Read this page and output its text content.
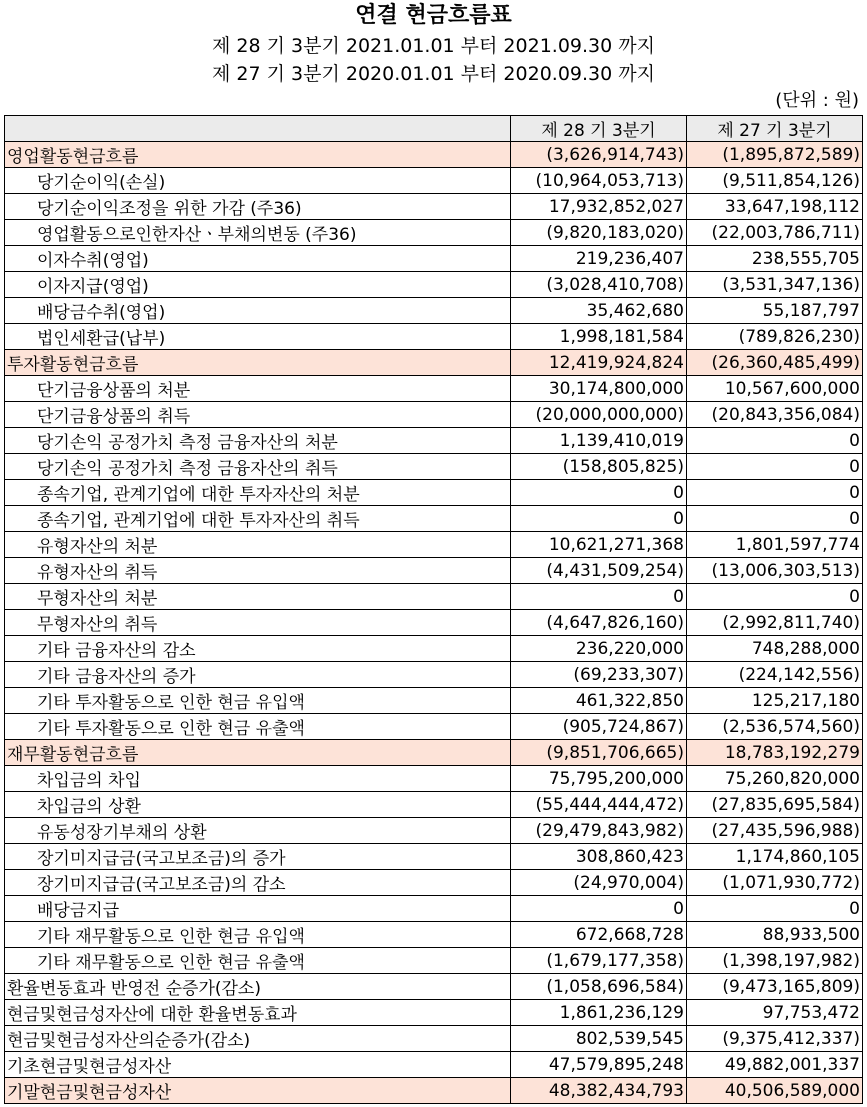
연결 현금흐름표
제 28 기 3분기 2021.01.01 부터 2021.09.30 까지
제 27 기 3분기 2020.01.01 부터 2020.09.30 까지
(단위 : 원)
	제 28 기 3분기	제 27 기 3분기
영업활동현금흐름	(3,626,914,743)	(1,895,872,589)
당기순이익(손실)	(10,964,053,713)	(9,511,854,126)
당기순이익조정을 위한 가감 (주36)	17,932,852,027	33,647,198,112
영업활동으로인한자산ㆍ부채의변동 (주36)	(9,820,183,020)	(22,003,786,711)
이자수취(영업)	219,236,407	238,555,705
이자지급(영업)	(3,028,410,708)	(3,531,347,136)
배당금수취(영업)	35,462,680	55,187,797
법인세환급(납부)	1,998,181,584	(789,826,230)
투자활동현금흐름	12,419,924,824	(26,360,485,499)
단기금융상품의 처분	30,174,800,000	10,567,600,000
단기금융상품의 취득	(20,000,000,000)	(20,843,356,084)
당기손익 공정가치 측정 금융자산의 처분	1,139,410,019	0
당기손익 공정가치 측정 금융자산의 취득	(158,805,825)	0
종속기업, 관계기업에 대한 투자자산의 처분	0	0
종속기업, 관계기업에 대한 투자자산의 취득	0	0
유형자산의 처분	10,621,271,368	1,801,597,774
유형자산의 취득	(4,431,509,254)	(13,006,303,513)
무형자산의 처분	0	0
무형자산의 취득	(4,647,826,160)	(2,992,811,740)
기타 금융자산의 감소	236,220,000	748,288,000
기타 금융자산의 증가	(69,233,307)	(224,142,556)
기타 투자활동으로 인한 현금 유입액	461,322,850	125,217,180
기타 투자활동으로 인한 현금 유출액	(905,724,867)	(2,536,574,560)
재무활동현금흐름	(9,851,706,665)	18,783,192,279
차입금의 차입	75,795,200,000	75,260,820,000
차입금의 상환	(55,444,444,472)	(27,835,695,584)
유동성장기부채의 상환	(29,479,843,982)	(27,435,596,988)
장기미지급금(국고보조금)의 증가	308,860,423	1,174,860,105
장기미지급금(국고보조금)의 감소	(24,970,004)	(1,071,930,772)
배당금지급	0	0
기타 재무활동으로 인한 현금 유입액	672,668,728	88,933,500
기타 재무활동으로 인한 현금 유출액	(1,679,177,358)	(1,398,197,982)
환율변동효과 반영전 순증가(감소)	(1,058,696,584)	(9,473,165,809)
현금및현금성자산에 대한 환율변동효과	1,861,236,129	97,753,472
현금및현금성자산의순증가(감소)	802,539,545	(9,375,412,337)
기초현금및현금성자산	47,579,895,248	49,882,001,337
기말현금및현금성자산	48,382,434,793	40,506,589,000
